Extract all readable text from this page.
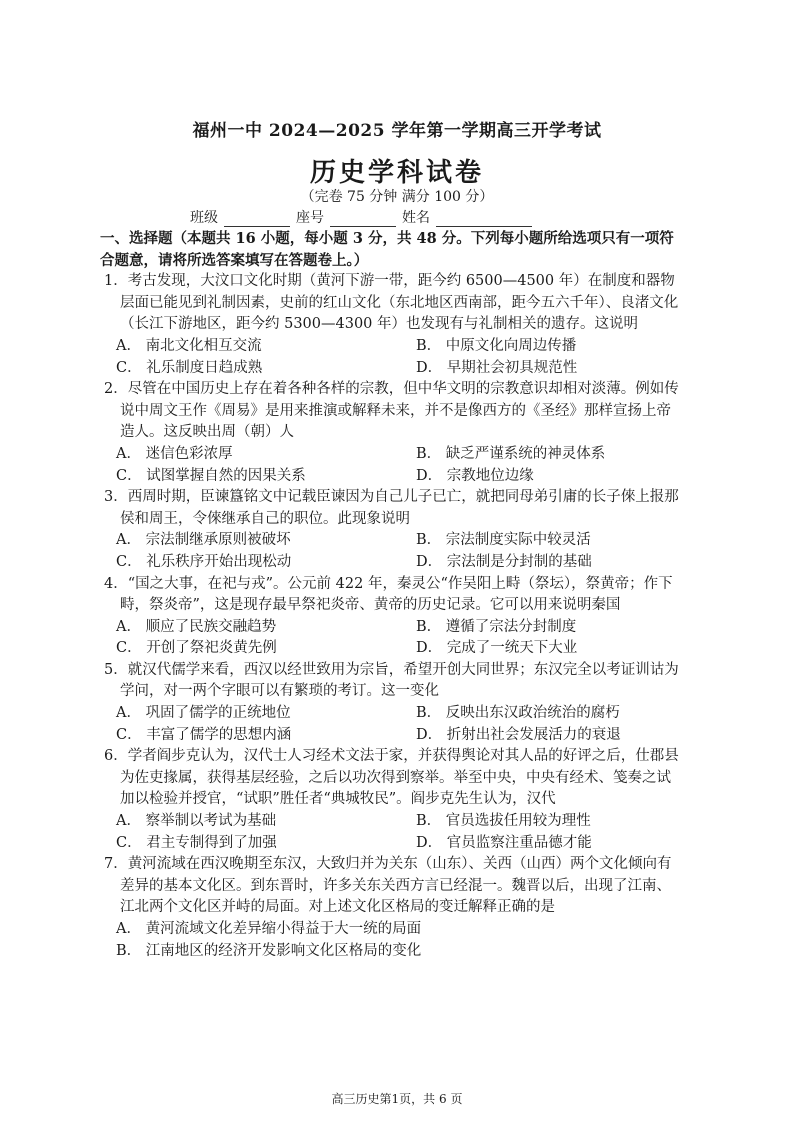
福州一中 2024—2025 学年第一学期高三开学考试
历史学科试卷
（完卷 75 分钟 满分 100 分）
班级	座号	姓名
一、选择题（本题共 16 小题，每小题 3 分，共 48 分。下列每小题所给选项只有一项符合题意，请将所选答案填写在答题卷上。）
1．考古发现，大汶口文化时期（黄河下游一带，距今约 6500—4500 年）在制度和器物层面已能见到礼制因素，史前的红山文化（东北地区西南部，距今五六千年）、良渚文化（长江下游地区，距今约 5300—4300 年）也发现有与礼制相关的遗存。这说明
A． 南北文化相互交流	B． 中原文化向周边传播
C． 礼乐制度日趋成熟	D． 早期社会初具规范性
2．尽管在中国历史上存在着各种各样的宗教，但中华文明的宗教意识却相对淡薄。例如传说中周文王作《周易》是用来推演或解释未来，并不是像西方的《圣经》那样宣扬上帝造人。这反映出周（朝）人
A． 迷信色彩浓厚	B． 缺乏严谨系统的神灵体系
C． 试图掌握自然的因果关系	D． 宗教地位边缘
3．西周时期，臣谏簋铭文中记载臣谏因为自己儿子已亡，就把同母弟引庸的长子倈上报那侯和周王，令倈继承自己的职位。此现象说明
A． 宗法制继承原则被破坏	B． 宗法制度实际中较灵活
C． 礼乐秩序开始出现松动	D． 宗法制是分封制的基础
4．“国之大事，在祀与戎”。公元前 422 年，秦灵公“作吴阳上畤（祭坛），祭黄帝；作下畤，祭炎帝”，这是现存最早祭祀炎帝、黄帝的历史记录。它可以用来说明秦国
A． 顺应了民族交融趋势	B． 遵循了宗法分封制度
C． 开创了祭祀炎黄先例	D． 完成了一统天下大业
5．就汉代儒学来看，西汉以经世致用为宗旨，希望开创大同世界；东汉完全以考证训诂为学问，对一两个字眼可以有繁琐的考订。这一变化
A． 巩固了儒学的正统地位	B． 反映出东汉政治统治的腐朽
C． 丰富了儒学的思想内涵	D． 折射出社会发展活力的衰退
6．学者阎步克认为，汉代士人习经术文法于家，并获得舆论对其人品的好评之后，仕郡县为佐吏掾属，获得基层经验，之后以功次得到察举。举至中央，中央有经术、笺奏之试加以检验并授官，“试职”胜任者“典城牧民”。阎步克先生认为，汉代
A． 察举制以考试为基础	B． 官员选拔任用较为理性
C． 君主专制得到了加强	D． 官员监察注重品德才能
7．黄河流域在西汉晚期至东汉，大致归并为关东（山东）、关西（山西）两个文化倾向有差异的基本文化区。到东晋时，许多关东关西方言已经混一。魏晋以后，出现了江南、江北两个文化区并峙的局面。对上述文化区格局的变迁解释正确的是
A． 黄河流域文化差异缩小得益于大一统的局面
B． 江南地区的经济开发影响文化区格局的变化
高三历史第1页，共 6 页
